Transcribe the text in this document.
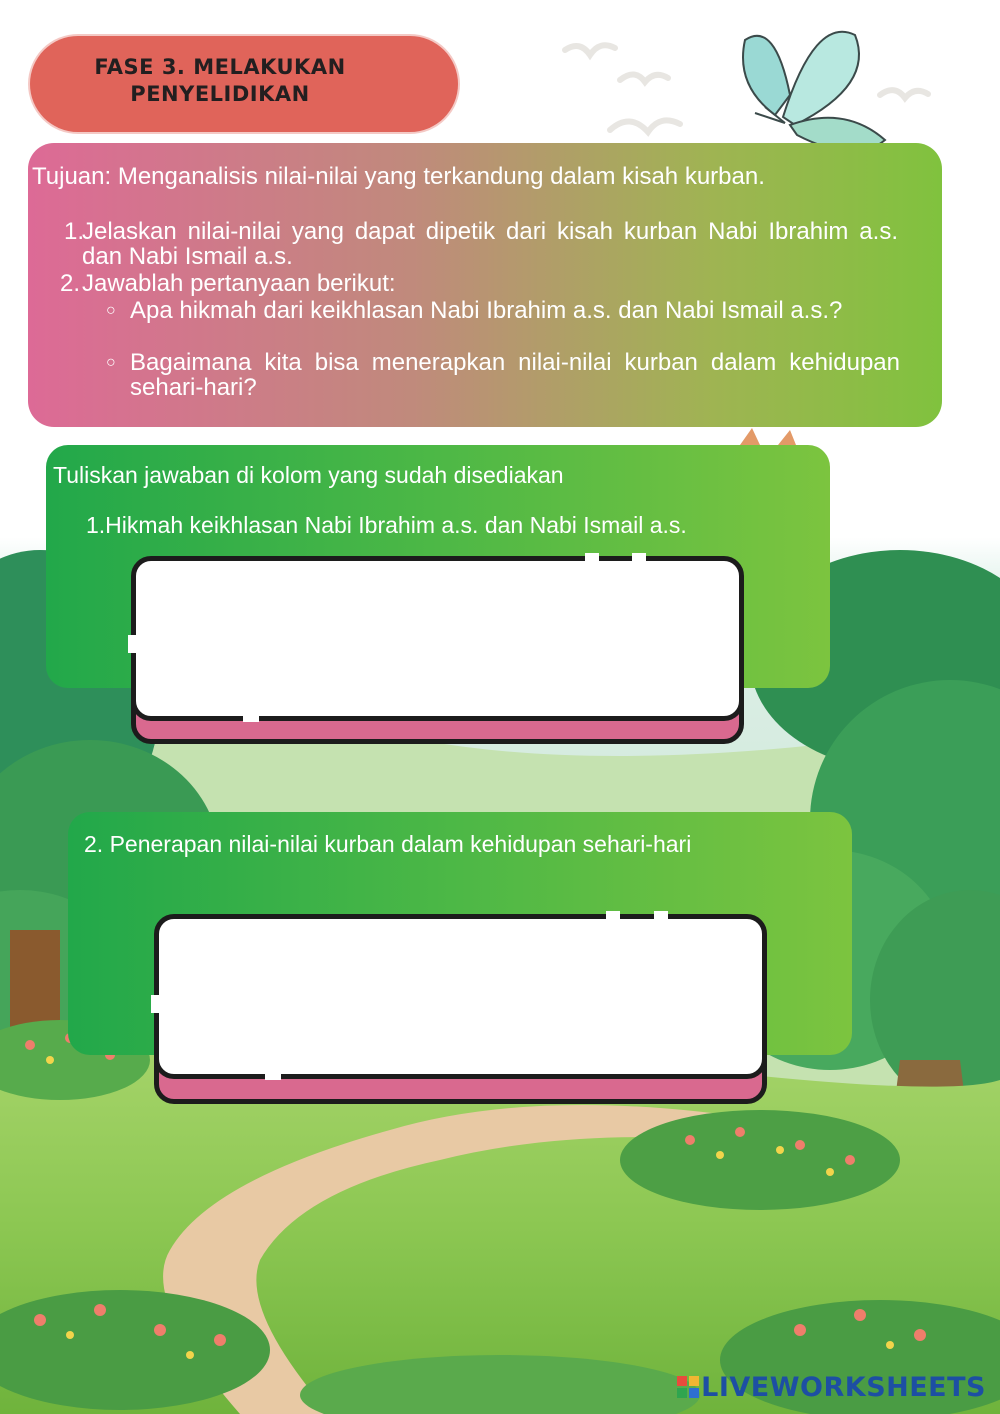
FASE 3. MELAKUKAN
PENYELIDIKAN
Tujuan: Menganalisis nilai-nilai yang terkandung dalam kisah kurban.
1.
Jelaskan nilai-nilai yang dapat dipetik dari kisah kurban Nabi Ibrahim a.s. dan Nabi Ismail a.s.
2. Jawablah pertanyaan berikut:
○ Apa hikmah dari keikhlasan Nabi Ibrahim a.s. dan Nabi Ismail a.s.?
○ Bagaimana kita bisa menerapkan nilai-nilai kurban dalam kehidupan sehari-hari?
Tuliskan jawaban di kolom yang sudah disediakan
1.Hikmah keikhlasan Nabi Ibrahim a.s. dan Nabi Ismail a.s.
2. Penerapan nilai-nilai kurban dalam kehidupan sehari-hari
LIVEWORKSHEETS
